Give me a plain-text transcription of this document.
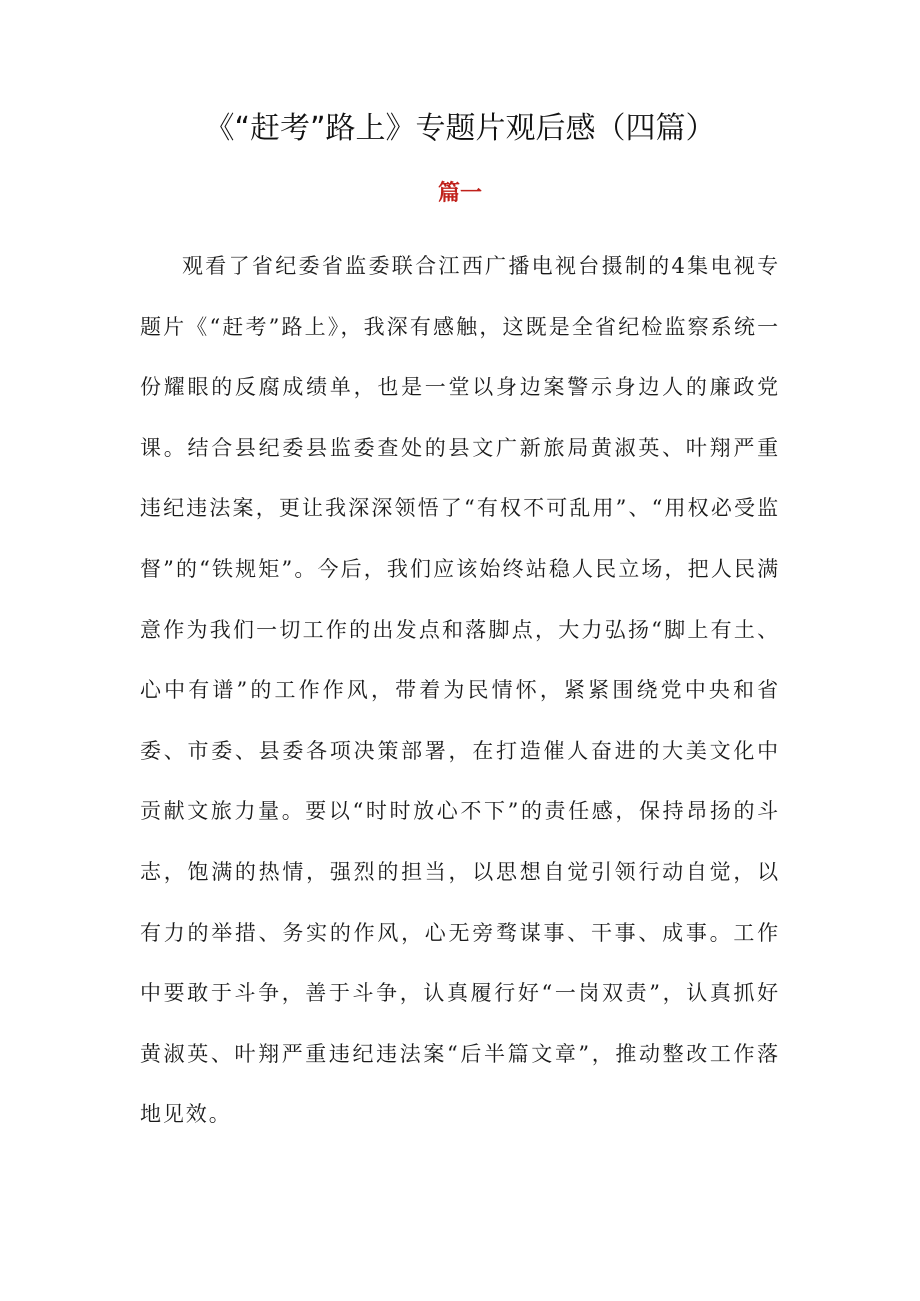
《“赶考”路上》专题片观后感（四篇）
篇一

观看了省纪委省监委联合江西广播电视台摄制的4集电视专题片《“赶考”路上》，我深有感触，这既是全省纪检监察系统一份耀眼的反腐成绩单，也是一堂以身边案警示身边人的廉政党课。结合县纪委县监委查处的县文广新旅局黄淑英、叶翔严重违纪违法案，更让我深深领悟了“有权不可乱用”、“用权必受监督”的“铁规矩”。今后，我们应该始终站稳人民立场，把人民满意作为我们一切工作的出发点和落脚点，大力弘扬“脚上有土、心中有谱”的工作作风，带着为民情怀，紧紧围绕党中央和省委、市委、县委各项决策部署，在打造催人奋进的大美文化中贡献文旅力量。要以“时时放心不下”的责任感，保持昂扬的斗志，饱满的热情，强烈的担当，以思想自觉引领行动自觉，以有力的举措、务实的作风，心无旁骛谋事、干事、成事。工作中要敢于斗争，善于斗争，认真履行好“一岗双责”，认真抓好黄淑英、叶翔严重违纪违法案“后半篇文章”，推动整改工作落地见效。
